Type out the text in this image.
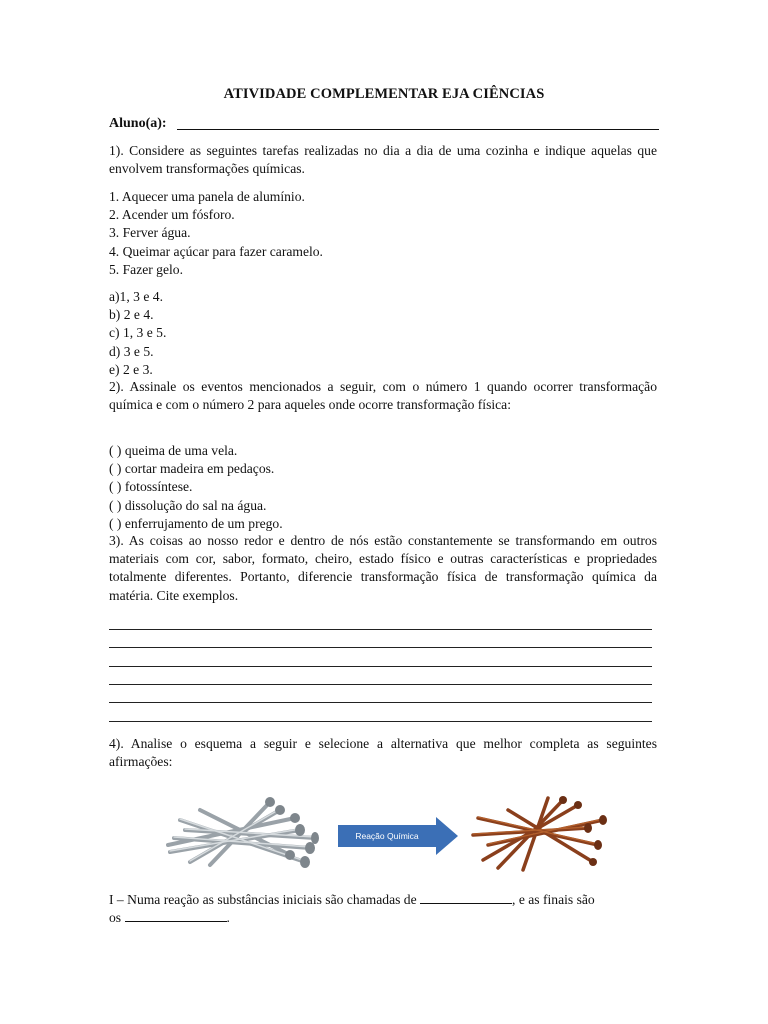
ATIVIDADE COMPLEMENTAR EJA CIÊNCIAS
Aluno(a):
1). Considere as seguintes tarefas realizadas no dia a dia de uma cozinha e indique aquelas que envolvem transformações químicas.
1. Aquecer uma panela de alumínio.
2. Acender um fósforo.
3. Ferver água.
4. Queimar açúcar para fazer caramelo.
5. Fazer gelo.
a)1, 3 e 4.
b) 2 e 4.
c) 1, 3 e 5.
d) 3 e 5.
e) 2 e 3.
2). Assinale os eventos mencionados a seguir, com o número 1 quando ocorrer transformação química e com o número 2 para aqueles onde ocorre transformação física:
( ) queima de uma vela.
( ) cortar madeira em pedaços.
( ) fotossíntese.
( ) dissolução do sal na água.
( ) enferrujamento de um prego.
3). As coisas ao nosso redor e dentro de nós estão constantemente se transformando em outros materiais com cor, sabor, formato, cheiro, estado físico e outras características e propriedades totalmente diferentes. Portanto, diferencie transformação física de transformação química da matéria. Cite exemplos.
4). Analise o esquema a seguir e selecione a alternativa que melhor completa as seguintes afirmações:
Reação Química
I – Numa reação as substâncias iniciais são chamadas de	, e as finais são
os	.
